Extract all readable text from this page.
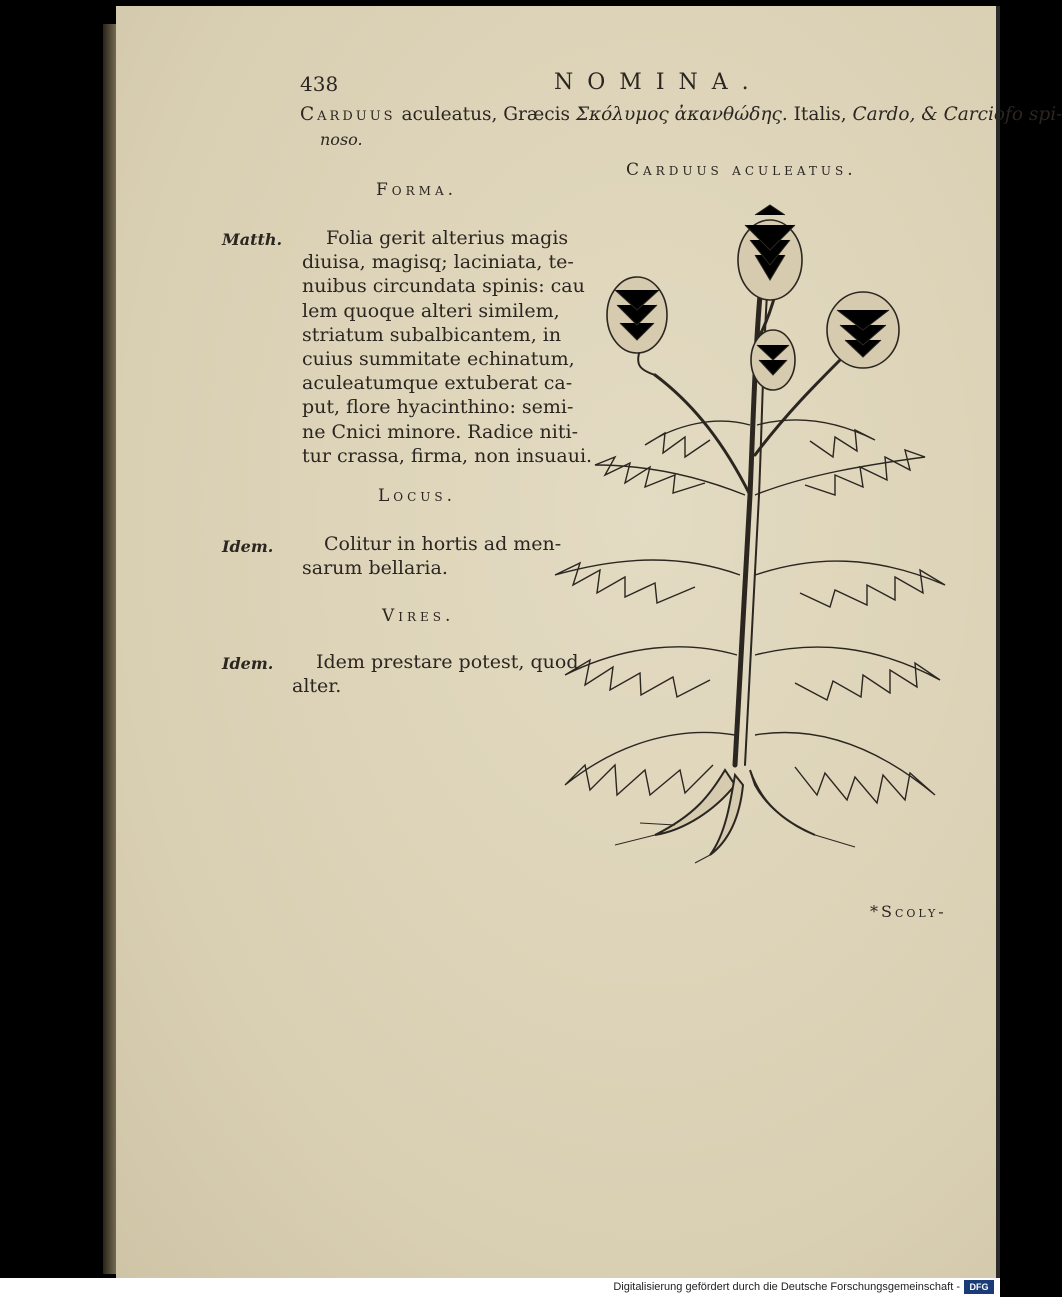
438	NOMINA.
Carduus aculeatus, Græcis Σκόλυμος ἀκανθώδης. Italis, Cardo, & Carciofo spi-
noso.
Carduus aculeatus.
Forma.
Matth.	Folia gerit alterius magis
diuisa, magisq; laciniata, te-
nuibus circundata spinis: cau
lem quoque alteri similem,
striatum subalbicantem, in
cuius summitate echinatum,
aculeatumque extuberat ca-
put, flore hyacinthino: semi-
ne Cnici minore. Radice niti-
tur crassa, firma, non insuaui.
Locus.
Idem.	Colitur in hortis ad men-
sarum bellaria.
Vires.
Idem.	Idem prestare potest, quod
alter.
*Scoly-
Digitalisierung gefördert durch die Deutsche Forschungsgemeinschaft -	DFG
